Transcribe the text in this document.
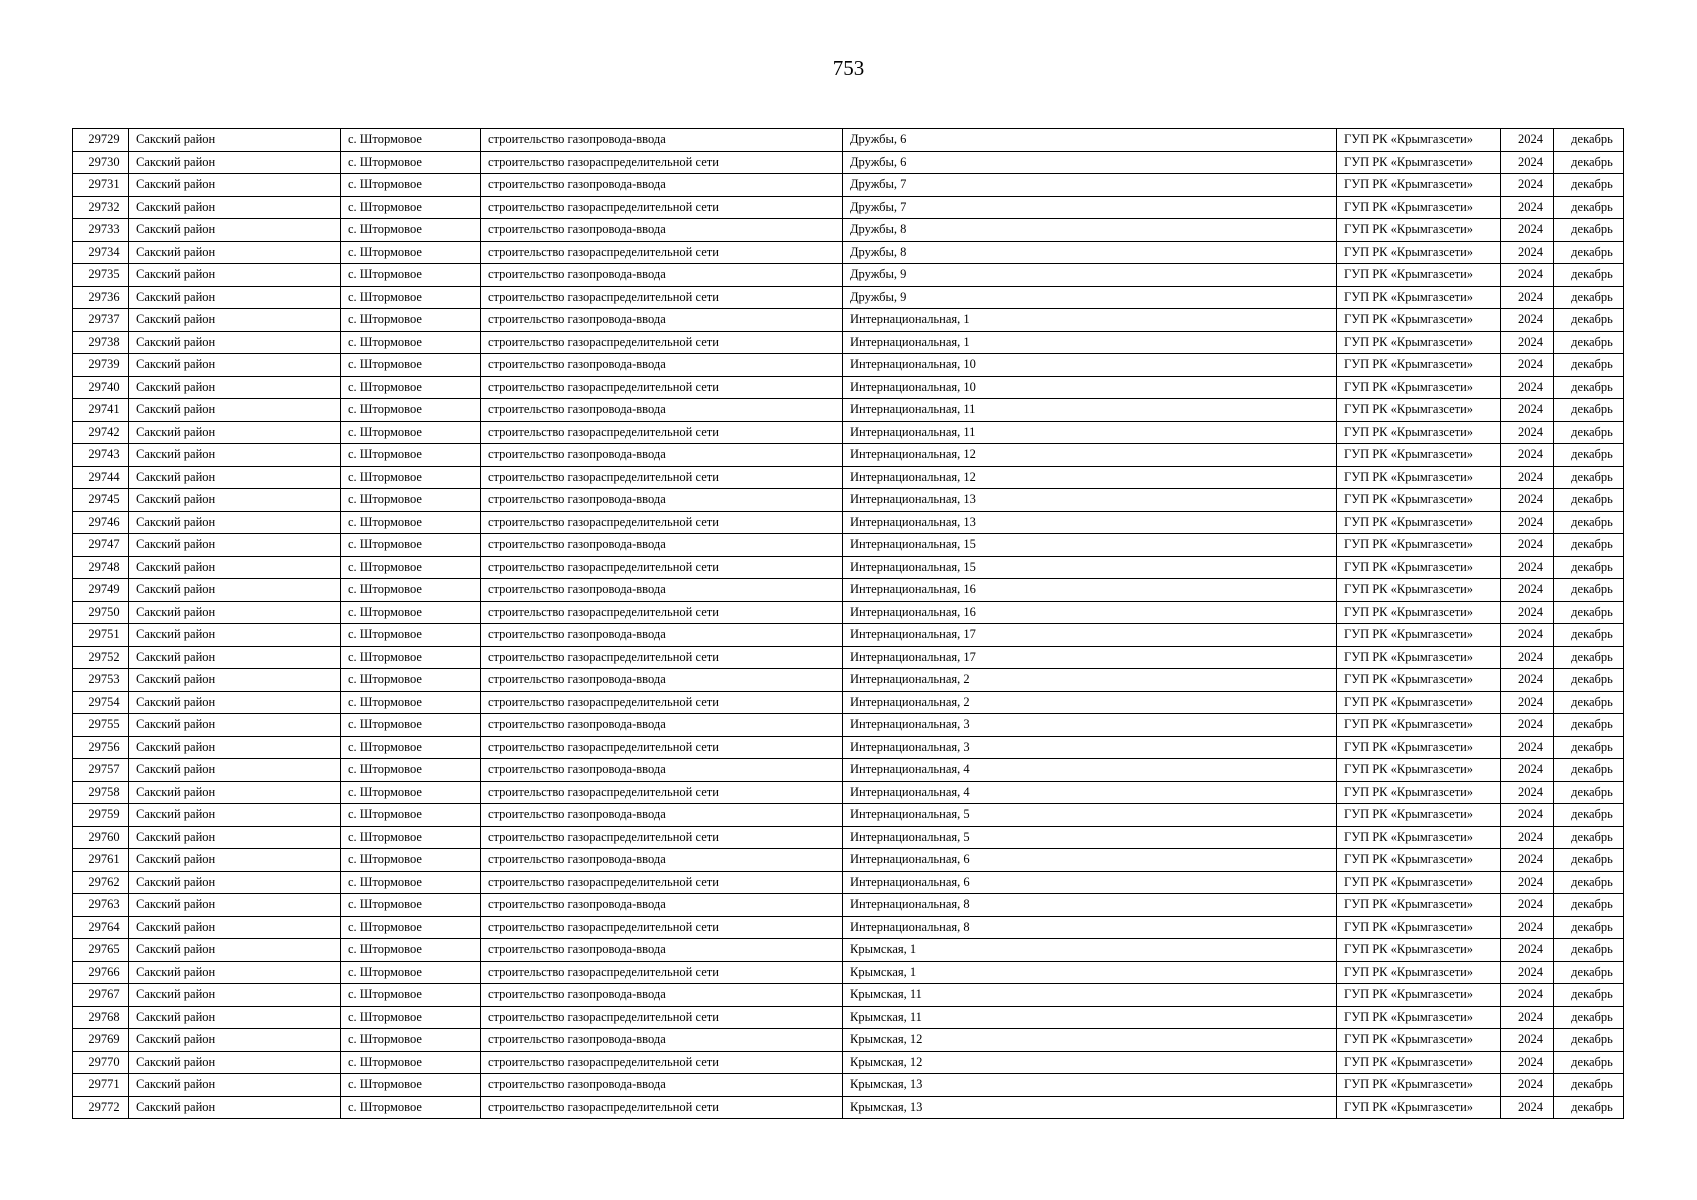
753
29729	Сакский район	с. Штормовое	строительство газопровода-ввода	Дружбы, 6	ГУП РК «Крымгазсети»	2024	декабрь
29730	Сакский район	с. Штормовое	строительство газораспределительной сети	Дружбы, 6	ГУП РК «Крымгазсети»	2024	декабрь
29731	Сакский район	с. Штормовое	строительство газопровода-ввода	Дружбы, 7	ГУП РК «Крымгазсети»	2024	декабрь
29732	Сакский район	с. Штормовое	строительство газораспределительной сети	Дружбы, 7	ГУП РК «Крымгазсети»	2024	декабрь
29733	Сакский район	с. Штормовое	строительство газопровода-ввода	Дружбы, 8	ГУП РК «Крымгазсети»	2024	декабрь
29734	Сакский район	с. Штормовое	строительство газораспределительной сети	Дружбы, 8	ГУП РК «Крымгазсети»	2024	декабрь
29735	Сакский район	с. Штормовое	строительство газопровода-ввода	Дружбы, 9	ГУП РК «Крымгазсети»	2024	декабрь
29736	Сакский район	с. Штормовое	строительство газораспределительной сети	Дружбы, 9	ГУП РК «Крымгазсети»	2024	декабрь
29737	Сакский район	с. Штормовое	строительство газопровода-ввода	Интернациональная, 1	ГУП РК «Крымгазсети»	2024	декабрь
29738	Сакский район	с. Штормовое	строительство газораспределительной сети	Интернациональная, 1	ГУП РК «Крымгазсети»	2024	декабрь
29739	Сакский район	с. Штормовое	строительство газопровода-ввода	Интернациональная, 10	ГУП РК «Крымгазсети»	2024	декабрь
29740	Сакский район	с. Штормовое	строительство газораспределительной сети	Интернациональная, 10	ГУП РК «Крымгазсети»	2024	декабрь
29741	Сакский район	с. Штормовое	строительство газопровода-ввода	Интернациональная, 11	ГУП РК «Крымгазсети»	2024	декабрь
29742	Сакский район	с. Штормовое	строительство газораспределительной сети	Интернациональная, 11	ГУП РК «Крымгазсети»	2024	декабрь
29743	Сакский район	с. Штормовое	строительство газопровода-ввода	Интернациональная, 12	ГУП РК «Крымгазсети»	2024	декабрь
29744	Сакский район	с. Штормовое	строительство газораспределительной сети	Интернациональная, 12	ГУП РК «Крымгазсети»	2024	декабрь
29745	Сакский район	с. Штормовое	строительство газопровода-ввода	Интернациональная, 13	ГУП РК «Крымгазсети»	2024	декабрь
29746	Сакский район	с. Штормовое	строительство газораспределительной сети	Интернациональная, 13	ГУП РК «Крымгазсети»	2024	декабрь
29747	Сакский район	с. Штормовое	строительство газопровода-ввода	Интернациональная, 15	ГУП РК «Крымгазсети»	2024	декабрь
29748	Сакский район	с. Штормовое	строительство газораспределительной сети	Интернациональная, 15	ГУП РК «Крымгазсети»	2024	декабрь
29749	Сакский район	с. Штормовое	строительство газопровода-ввода	Интернациональная, 16	ГУП РК «Крымгазсети»	2024	декабрь
29750	Сакский район	с. Штормовое	строительство газораспределительной сети	Интернациональная, 16	ГУП РК «Крымгазсети»	2024	декабрь
29751	Сакский район	с. Штормовое	строительство газопровода-ввода	Интернациональная, 17	ГУП РК «Крымгазсети»	2024	декабрь
29752	Сакский район	с. Штормовое	строительство газораспределительной сети	Интернациональная, 17	ГУП РК «Крымгазсети»	2024	декабрь
29753	Сакский район	с. Штормовое	строительство газопровода-ввода	Интернациональная, 2	ГУП РК «Крымгазсети»	2024	декабрь
29754	Сакский район	с. Штормовое	строительство газораспределительной сети	Интернациональная, 2	ГУП РК «Крымгазсети»	2024	декабрь
29755	Сакский район	с. Штормовое	строительство газопровода-ввода	Интернациональная, 3	ГУП РК «Крымгазсети»	2024	декабрь
29756	Сакский район	с. Штормовое	строительство газораспределительной сети	Интернациональная, 3	ГУП РК «Крымгазсети»	2024	декабрь
29757	Сакский район	с. Штормовое	строительство газопровода-ввода	Интернациональная, 4	ГУП РК «Крымгазсети»	2024	декабрь
29758	Сакский район	с. Штормовое	строительство газораспределительной сети	Интернациональная, 4	ГУП РК «Крымгазсети»	2024	декабрь
29759	Сакский район	с. Штормовое	строительство газопровода-ввода	Интернациональная, 5	ГУП РК «Крымгазсети»	2024	декабрь
29760	Сакский район	с. Штормовое	строительство газораспределительной сети	Интернациональная, 5	ГУП РК «Крымгазсети»	2024	декабрь
29761	Сакский район	с. Штормовое	строительство газопровода-ввода	Интернациональная, 6	ГУП РК «Крымгазсети»	2024	декабрь
29762	Сакский район	с. Штормовое	строительство газораспределительной сети	Интернациональная, 6	ГУП РК «Крымгазсети»	2024	декабрь
29763	Сакский район	с. Штормовое	строительство газопровода-ввода	Интернациональная, 8	ГУП РК «Крымгазсети»	2024	декабрь
29764	Сакский район	с. Штормовое	строительство газораспределительной сети	Интернациональная, 8	ГУП РК «Крымгазсети»	2024	декабрь
29765	Сакский район	с. Штормовое	строительство газопровода-ввода	Крымская, 1	ГУП РК «Крымгазсети»	2024	декабрь
29766	Сакский район	с. Штормовое	строительство газораспределительной сети	Крымская, 1	ГУП РК «Крымгазсети»	2024	декабрь
29767	Сакский район	с. Штормовое	строительство газопровода-ввода	Крымская, 11	ГУП РК «Крымгазсети»	2024	декабрь
29768	Сакский район	с. Штормовое	строительство газораспределительной сети	Крымская, 11	ГУП РК «Крымгазсети»	2024	декабрь
29769	Сакский район	с. Штормовое	строительство газопровода-ввода	Крымская, 12	ГУП РК «Крымгазсети»	2024	декабрь
29770	Сакский район	с. Штормовое	строительство газораспределительной сети	Крымская, 12	ГУП РК «Крымгазсети»	2024	декабрь
29771	Сакский район	с. Штормовое	строительство газопровода-ввода	Крымская, 13	ГУП РК «Крымгазсети»	2024	декабрь
29772	Сакский район	с. Штормовое	строительство газораспределительной сети	Крымская, 13	ГУП РК «Крымгазсети»	2024	декабрь
